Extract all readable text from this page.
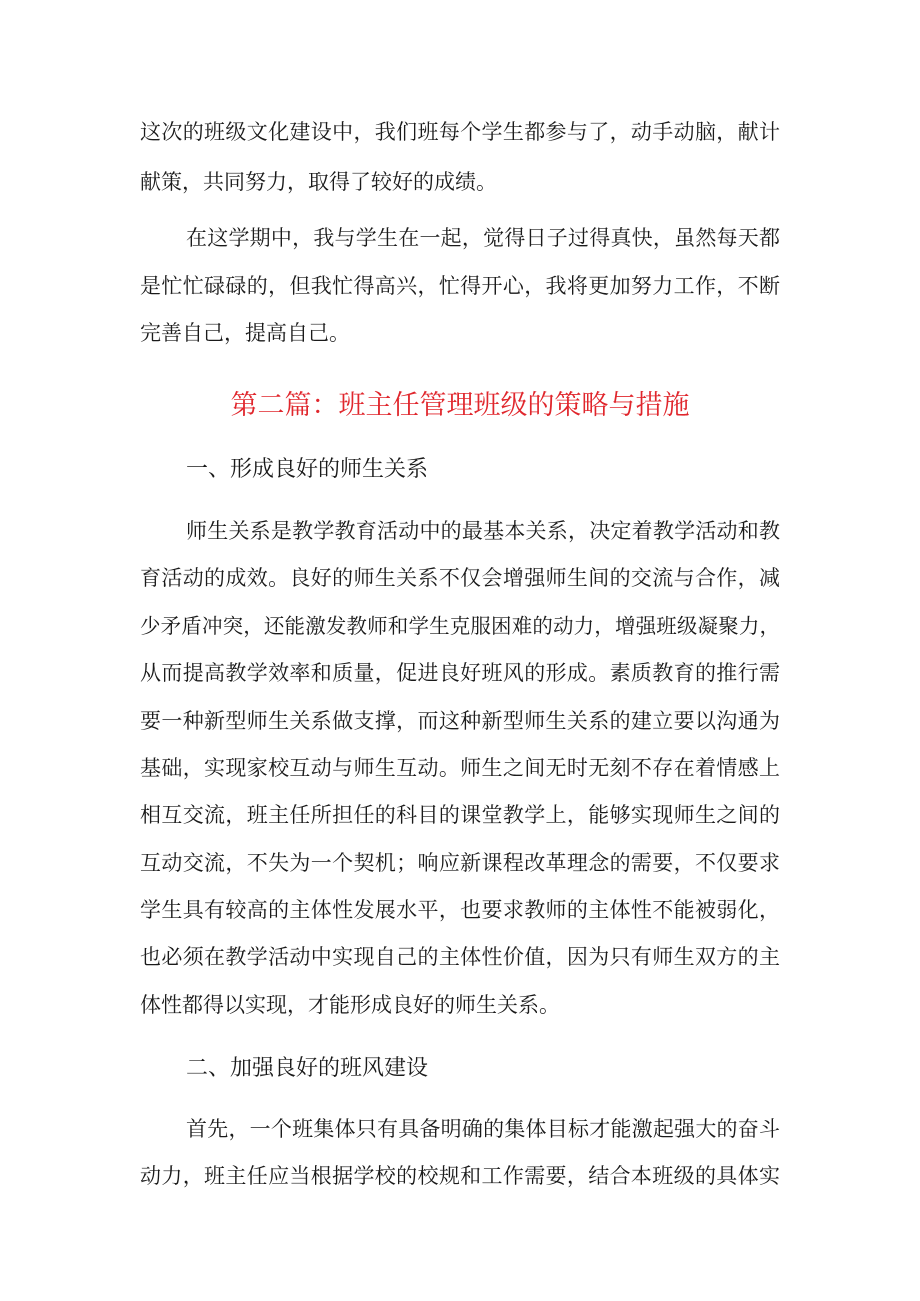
这次的班级文化建设中，我们班每个学生都参与了，动手动脑，献计
献策，共同努力，取得了较好的成绩。
在这学期中，我与学生在一起，觉得日子过得真快，虽然每天都
是忙忙碌碌的，但我忙得高兴，忙得开心，我将更加努力工作，不断
完善自己，提高自己。
第二篇：班主任管理班级的策略与措施
一、形成良好的师生关系
师生关系是教学教育活动中的最基本关系，决定着教学活动和教
育活动的成效。良好的师生关系不仅会增强师生间的交流与合作，减
少矛盾冲突，还能激发教师和学生克服困难的动力，增强班级凝聚力，
从而提高教学效率和质量，促进良好班风的形成。素质教育的推行需
要一种新型师生关系做支撑，而这种新型师生关系的建立要以沟通为
基础，实现家校互动与师生互动。师生之间无时无刻不存在着情感上
相互交流，班主任所担任的科目的课堂教学上，能够实现师生之间的
互动交流，不失为一个契机；响应新课程改革理念的需要，不仅要求
学生具有较高的主体性发展水平，也要求教师的主体性不能被弱化，
也必须在教学活动中实现自己的主体性价值，因为只有师生双方的主
体性都得以实现，才能形成良好的师生关系。
二、加强良好的班风建设
首先，一个班集体只有具备明确的集体目标才能激起强大的奋斗
动力，班主任应当根据学校的校规和工作需要，结合本班级的具体实
